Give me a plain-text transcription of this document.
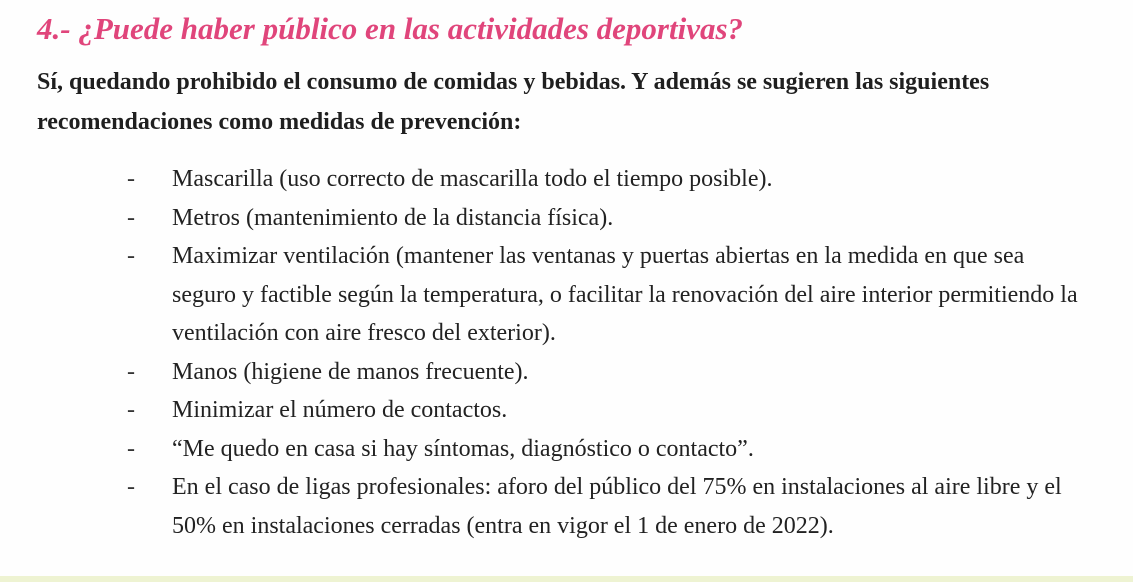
4.- ¿Puede haber público en las actividades deportivas?

Sí, quedando prohibido el consumo de comidas y bebidas. Y además se sugieren las siguientes recomendaciones como medidas de prevención:

- Mascarilla (uso correcto de mascarilla todo el tiempo posible).
- Metros (mantenimiento de la distancia física).
- Maximizar ventilación (mantener las ventanas y puertas abiertas en la medida en que sea seguro y factible según la temperatura, o facilitar la renovación del aire interior permitiendo la ventilación con aire fresco del exterior).
- Manos (higiene de manos frecuente).
- Minimizar el número de contactos.
- “Me quedo en casa si hay síntomas, diagnóstico o contacto”.
- En el caso de ligas profesionales: aforo del público del 75% en instalaciones al aire libre y el 50% en instalaciones cerradas (entra en vigor el 1 de enero de 2022).
